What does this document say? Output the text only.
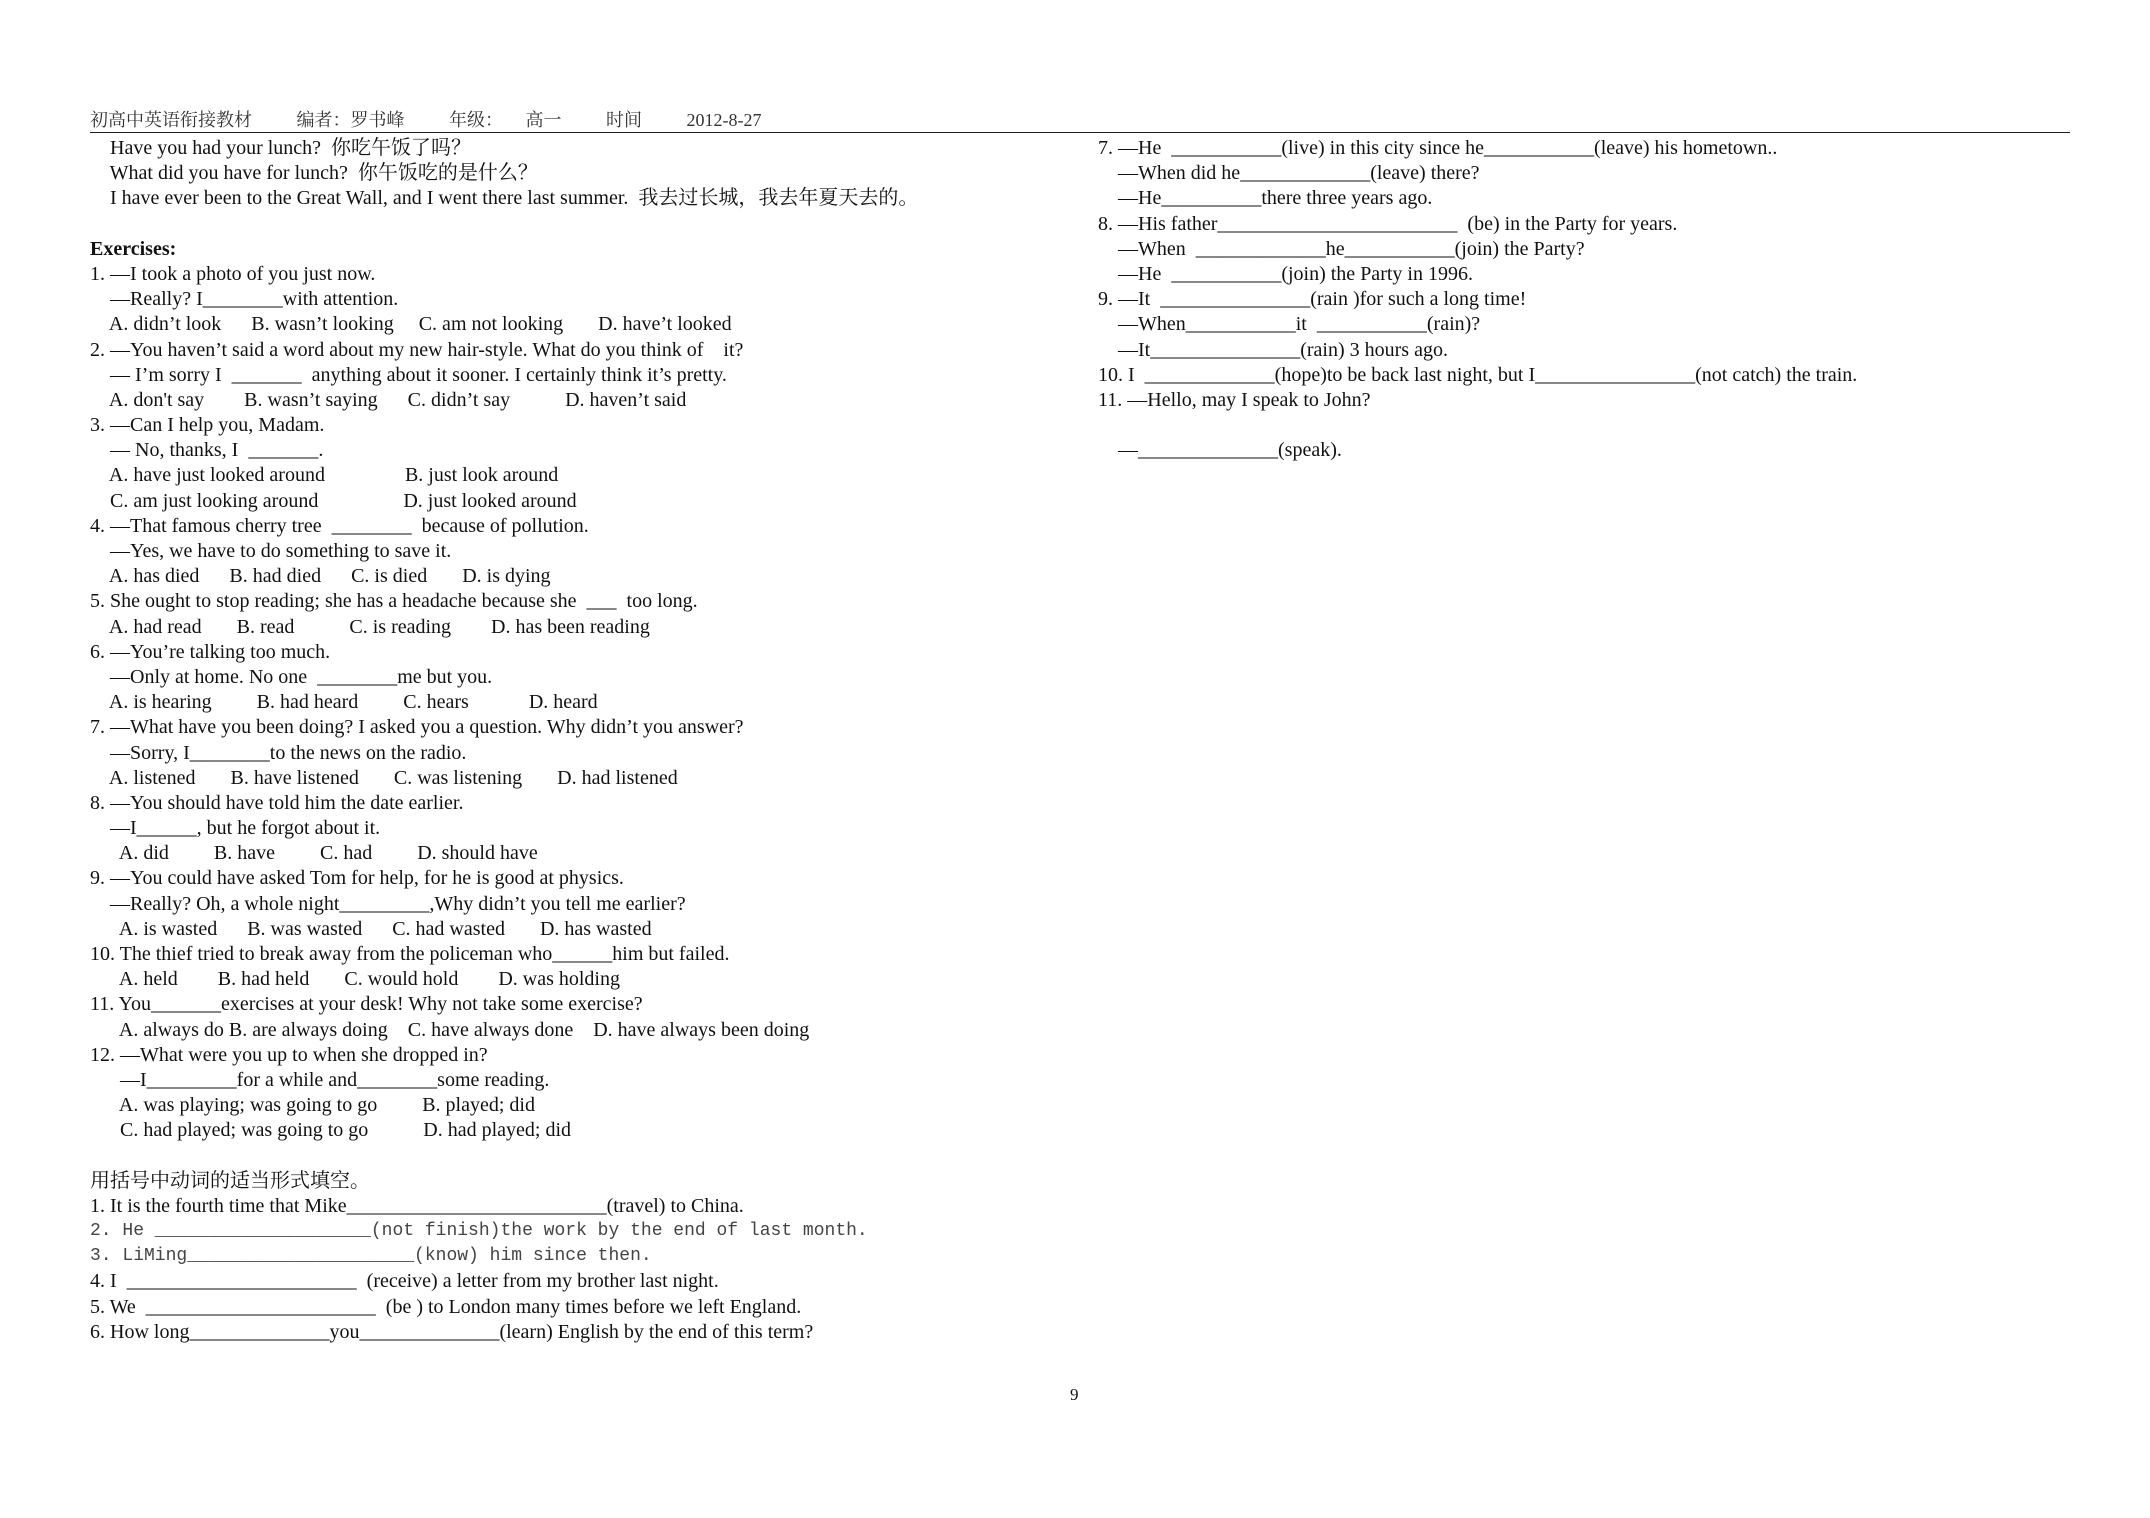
初高中英语衔接教材 编者：罗书峰 年级： 高一 时间 2012-8-27
Have you had your lunch?  你吃午饭了吗？
What did you have for lunch?  你午饭吃的是什么？
I have ever been to the Great Wall, and I went there last summer.  我去过长城，我去年夏天去的。
Exercises:
1. —I took a photo of you just now.
—Really? I________with attention.
A. didn’t look      B. wasn’t looking     C. am not looking       D. have’t looked
2. —You haven’t said a word about my new hair-style. What do you think of    it?
— I’m sorry I  _______  anything about it sooner. I certainly think it’s pretty.
A. don't say        B. wasn’t saying      C. didn’t say           D. haven’t said
3. —Can I help you, Madam.
— No, thanks, I  _______.
A. have just looked around                B. just look around
C. am just looking around                 D. just looked around
4. —That famous cherry tree  ________  because of pollution.
—Yes, we have to do something to save it.
A. has died      B. had died      C. is died       D. is dying
5. She ought to stop reading; she has a headache because she  ___  too long.
A. had read       B. read           C. is reading        D. has been reading
6. —You’re talking too much.
—Only at home. No one  ________me but you.
A. is hearing         B. had heard         C. hears            D. heard
7. —What have you been doing? I asked you a question. Why didn’t you answer?
—Sorry, I________to the news on the radio.
A. listened       B. have listened       C. was listening       D. had listened
8. —You should have told him the date earlier.
—I______, but he forgot about it.
A. did         B. have         C. had         D. should have
9. —You could have asked Tom for help, for he is good at physics.
—Really? Oh, a whole night_________,Why didn’t you tell me earlier?
A. is wasted      B. was wasted      C. had wasted       D. has wasted
10. The thief tried to break away from the policeman who______him but failed.
A. held        B. had held       C. would hold        D. was holding
11. You_______exercises at your desk! Why not take some exercise?
A. always do B. are always doing    C. have always done    D. have always been doing
12. —What were you up to when she dropped in?
—I_________for a while and________some reading.
A. was playing; was going to go         B. played; did
C. had played; was going to go           D. had played; did
用括号中动词的适当形式填空。
1. It is the fourth time that Mike__________________________(travel) to China.
2. He ____________________(not finish)the work by the end of last month.
3. LiMing_____________________(know) him since then.
4. I  _______________________  (receive) a letter from my brother last night.
5. We  _______________________  (be ) to London many times before we left England.
6. How long______________you______________(learn) English by the end of this term?
7. —He  ___________(live) in this city since he___________(leave) his hometown..
—When did he_____________(leave) there?
—He__________there three years ago.
8. —His father________________________  (be) in the Party for years.
—When  _____________he___________(join) the Party?
—He  ___________(join) the Party in 1996.
9. —It  _______________(rain )for such a long time!
—When___________it  ___________(rain)?
—It_______________(rain) 3 hours ago.
10. I  _____________(hope)to be back last night, but I________________(not catch) the train.
11. —Hello, may I speak to John?
—______________(speak).
9
